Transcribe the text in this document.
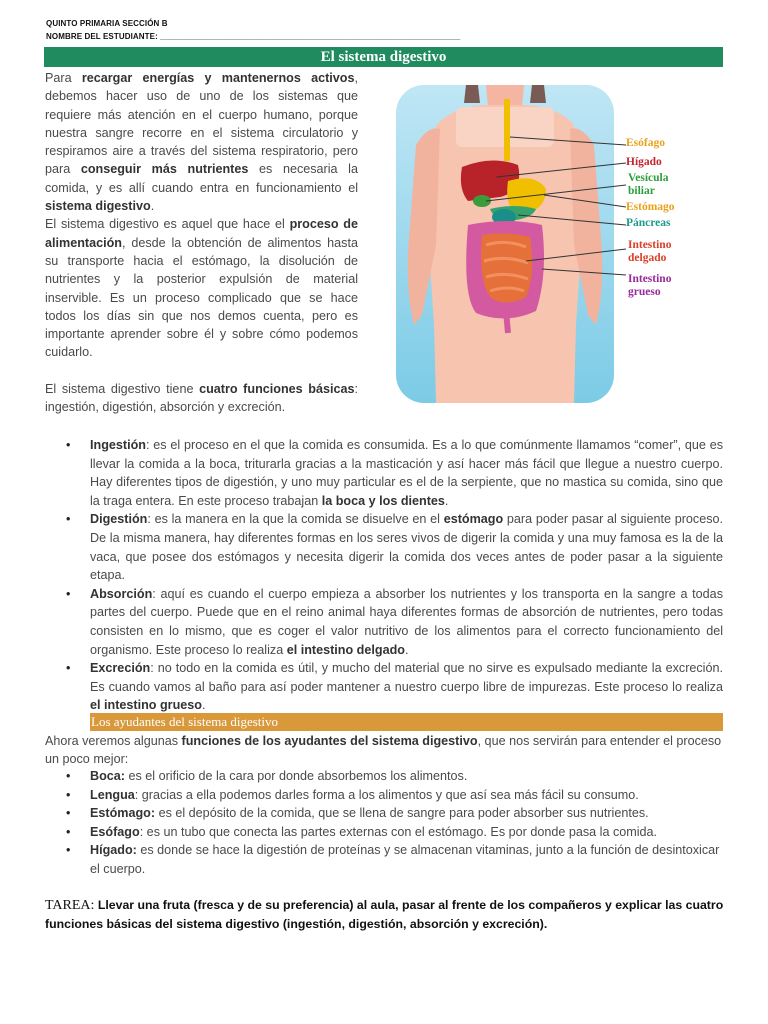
QUINTO PRIMARIA SECCIÓN B
NOMBRE DEL ESTUDIANTE: __________________________________________________________________
El sistema digestivo

Para recargar energías y mantenernos activos, debemos hacer uso de uno de los sistemas que requiere más atención en el cuerpo humano, porque nuestra sangre recorre en el sistema circulatorio y respiramos aire a través del sistema respiratorio, pero para conseguir más nutrientes es necesaria la comida, y es allí cuando entra en funcionamiento el sistema digestivo.

El sistema digestivo es aquel que hace el proceso de alimentación, desde la obtención de alimentos hasta su transporte hacia el estómago, la disolución de nutrientes y la posterior expulsión de material inservible. Es un proceso complicado que se hace todos los días sin que nos demos cuenta, pero es importante aprender sobre él y sobre cómo podemos cuidarlo.

El sistema digestivo tiene cuatro funciones básicas: ingestión, digestión, absorción y excreción.

Esófago
Hígado
Vesícula biliar
Estómago
Páncreas
Intestino delgado
Intestino grueso
• Ingestión: es el proceso en el que la comida es consumida. Es a lo que comúnmente llamamos “comer”, que es llevar la comida a la boca, triturarla gracias a la masticación y así hacer más fácil que llegue a nuestro cuerpo. Hay diferentes tipos de digestión, y uno muy particular es el de la serpiente, que no mastica su comida, sino que la traga entera. En este proceso trabajan la boca y los dientes.
• Digestión: es la manera en la que la comida se disuelve en el estómago para poder pasar al siguiente proceso. De la misma manera, hay diferentes formas en los seres vivos de digerir la comida y una muy famosa es la de la vaca, que posee dos estómagos y necesita digerir la comida dos veces antes de poder pasar a la siguiente etapa.
• Absorción: aquí es cuando el cuerpo empieza a absorber los nutrientes y los transporta en la sangre a todas partes del cuerpo. Puede que en el reino animal haya diferentes formas de absorción de nutrientes, pero todas consisten en lo mismo, que es coger el valor nutritivo de los alimentos para el correcto funcionamiento del organismo. Este proceso lo realiza el intestino delgado.
• Excreción: no todo en la comida es útil, y mucho del material que no sirve es expulsado mediante la excreción. Es cuando vamos al baño para así poder mantener a nuestro cuerpo libre de impurezas. Este proceso lo realiza el intestino grueso.
Los ayudantes del sistema digestivo
Ahora veremos algunas funciones de los ayudantes del sistema digestivo, que nos servirán para entender el proceso un poco mejor:
• Boca: es el orificio de la cara por donde absorbemos los alimentos.
• Lengua: gracias a ella podemos darles forma a los alimentos y que así sea más fácil su consumo.
• Estómago: es el depósito de la comida, que se llena de sangre para poder absorber sus nutrientes.
• Esófago: es un tubo que conecta las partes externas con el estómago. Es por donde pasa la comida.
• Hígado: es donde se hace la digestión de proteínas y se almacenan vitaminas, junto a la función de desintoxicar el cuerpo.
TAREA: Llevar una fruta (fresca y de su preferencia) al aula, pasar al frente de los compañeros y explicar las cuatro funciones básicas del sistema digestivo (ingestión, digestión, absorción y excreción).
